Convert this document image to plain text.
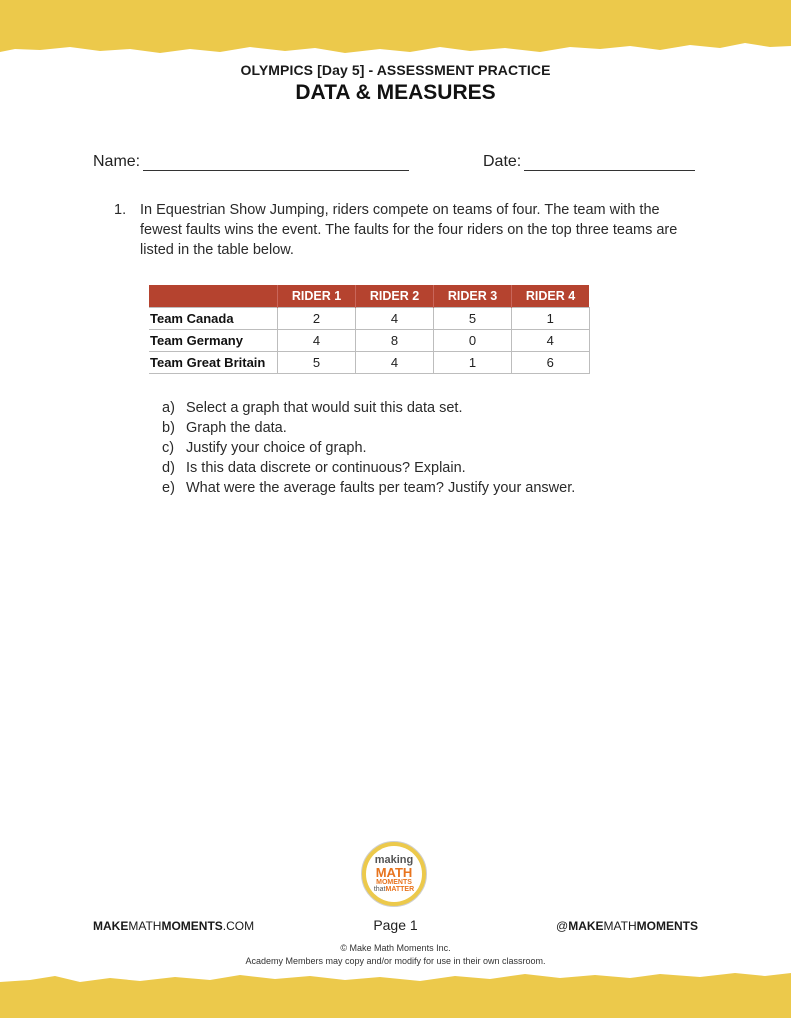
OLYMPICS [Day 5] - ASSESSMENT PRACTICE
DATA & MEASURES
Name:	Date:
1. In Equestrian Show Jumping, riders compete on teams of four. The team with the fewest faults wins the event. The faults for the four riders on the top three teams are listed in the table below.
	RIDER 1	RIDER 2	RIDER 3	RIDER 4
Team Canada	2	4	5	1
Team Germany	4	8	0	4
Team Great Britain	5	4	1	6
a) Select a graph that would suit this data set.
b) Graph the data.
c) Justify your choice of graph.
d) Is this data discrete or continuous? Explain.
e) What were the average faults per team? Justify your answer.
making
MATH
MOMENTS
thatMATTER
MAKEMATHMOMENTS.COM	Page 1	@MAKEMATHMOMENTS
© Make Math Moments Inc.
Academy Members may copy and/or modify for use in their own classroom.
